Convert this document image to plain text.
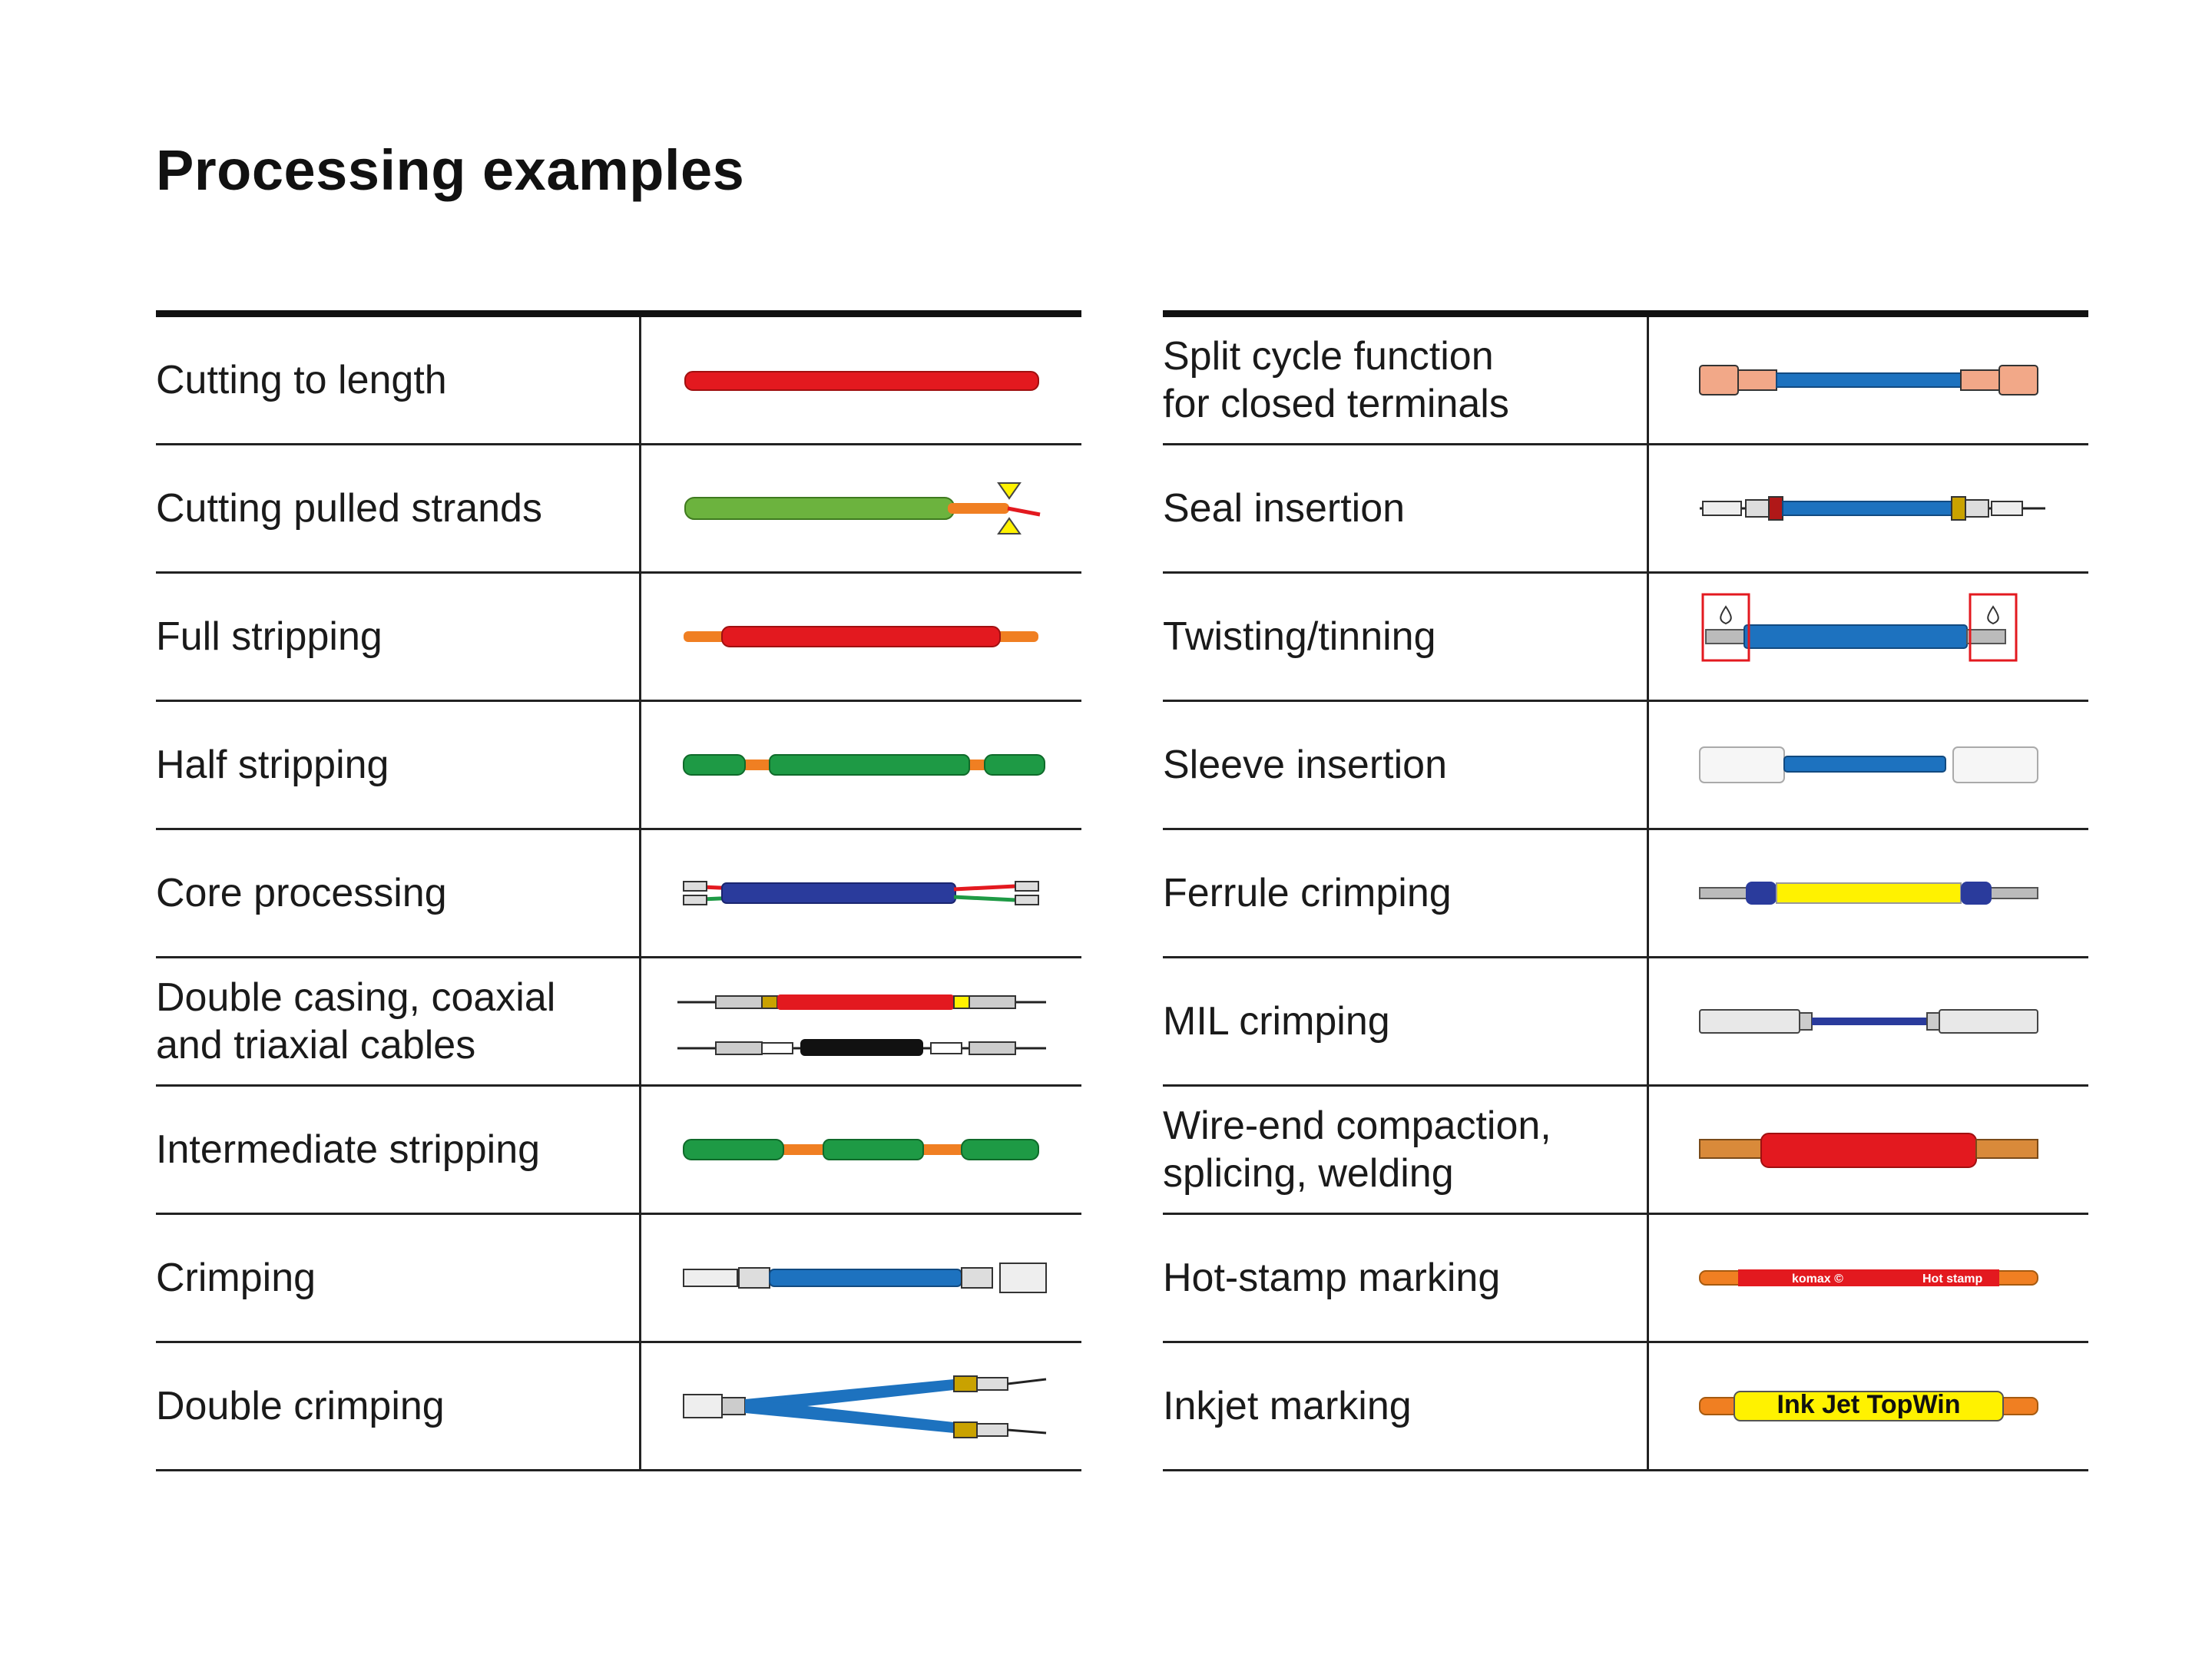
Processing examples
Cutting to length
Cutting pulled strands
Full stripping
Half stripping
Core processing
Double casing, coaxial
and triaxial cables
Intermediate stripping
Crimping
Double crimping
Split cycle function
for closed terminals
Seal insertion
Twisting/tinning
Sleeve insertion
Ferrule crimping
MIL crimping
Wire-end compaction,
splicing, welding
Hot-stamp marking	komax ©	Hot stamp
Inkjet marking	Ink Jet TopWin
